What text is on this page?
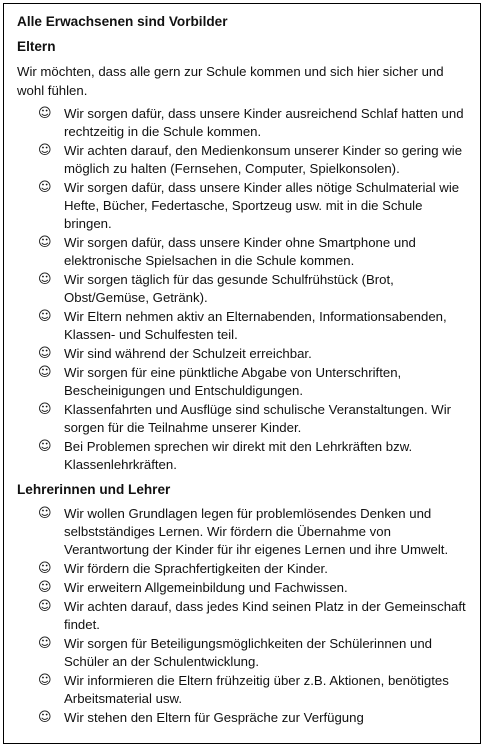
Alle Erwachsenen sind Vorbilder
Eltern
Wir möchten, dass alle gern zur Schule kommen und sich hier sicher und wohl fühlen.
☺ Wir sorgen dafür, dass unsere Kinder ausreichend Schlaf hatten und rechtzeitig in die Schule kommen.
☺ Wir achten darauf, den Medienkonsum unserer Kinder so gering wie möglich zu halten (Fernsehen, Computer, Spielkonsolen).
☺ Wir sorgen dafür, dass unsere Kinder alles nötige Schulmaterial wie Hefte, Bücher, Federtasche, Sportzeug usw. mit in die Schule bringen.
☺ Wir sorgen dafür, dass unsere Kinder ohne Smartphone und elektronische Spielsachen in die Schule kommen.
☺ Wir sorgen täglich für das gesunde Schulfrühstück (Brot, Obst/Gemüse, Getränk).
☺ Wir Eltern nehmen aktiv an Elternabenden, Informationsabenden, Klassen- und Schulfesten teil.
☺ Wir sind während der Schulzeit erreichbar.
☺ Wir sorgen für eine pünktliche Abgabe von Unterschriften, Bescheinigungen und Entschuldigungen.
☺ Klassenfahrten und Ausflüge sind schulische Veranstaltungen. Wir sorgen für die Teilnahme unserer Kinder.
☺ Bei Problemen sprechen wir direkt mit den Lehrkräften bzw. Klassenlehrkräften.
Lehrerinnen und Lehrer
☺ Wir wollen Grundlagen legen für problemlösendes Denken und selbstständiges Lernen. Wir fördern die Übernahme von Verantwortung der Kinder für ihr eigenes Lernen und ihre Umwelt.
☺ Wir fördern die Sprachfertigkeiten der Kinder.
☺ Wir erweitern Allgemeinbildung und Fachwissen.
☺ Wir achten darauf, dass jedes Kind seinen Platz in der Gemeinschaft findet.
☺ Wir sorgen für Beteiligungsmöglichkeiten der Schülerinnen und Schüler an der Schulentwicklung.
☺ Wir informieren die Eltern frühzeitig über z.B. Aktionen, benötigtes Arbeitsmaterial usw.
☺ Wir stehen den Eltern für Gespräche zur Verfügung
